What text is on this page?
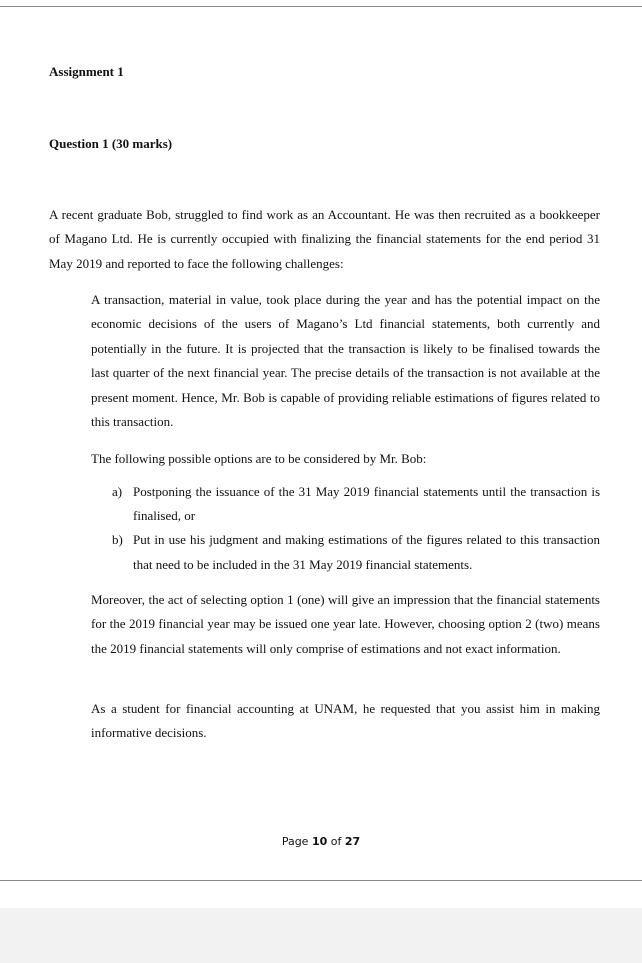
Assignment 1
Question 1 (30 marks)

A recent graduate Bob, struggled to find work as an Accountant. He was then recruited as a bookkeeper of Magano Ltd. He is currently occupied with finalizing the financial statements for the end period 31 May 2019 and reported to face the following challenges:

A transaction, material in value, took place during the year and has the potential impact on the economic decisions of the users of Magano’s Ltd financial statements, both currently and potentially in the future. It is projected that the transaction is likely to be finalised towards the last quarter of the next financial year. The precise details of the transaction is not available at the present moment. Hence, Mr. Bob is capable of providing reliable estimations of figures related to this transaction.

The following possible options are to be considered by Mr. Bob:

a) Postponing the issuance of the 31 May 2019 financial statements until the transaction is finalised, or
b) Put in use his judgment and making estimations of the figures related to this transaction that need to be included in the 31 May 2019 financial statements.

Moreover, the act of selecting option 1 (one) will give an impression that the financial statements for the 2019 financial year may be issued one year late. However, choosing option 2 (two) means the 2019 financial statements will only comprise of estimations and not exact information.

As a student for financial accounting at UNAM, he requested that you assist him in making informative decisions.

Page 10 of 27
